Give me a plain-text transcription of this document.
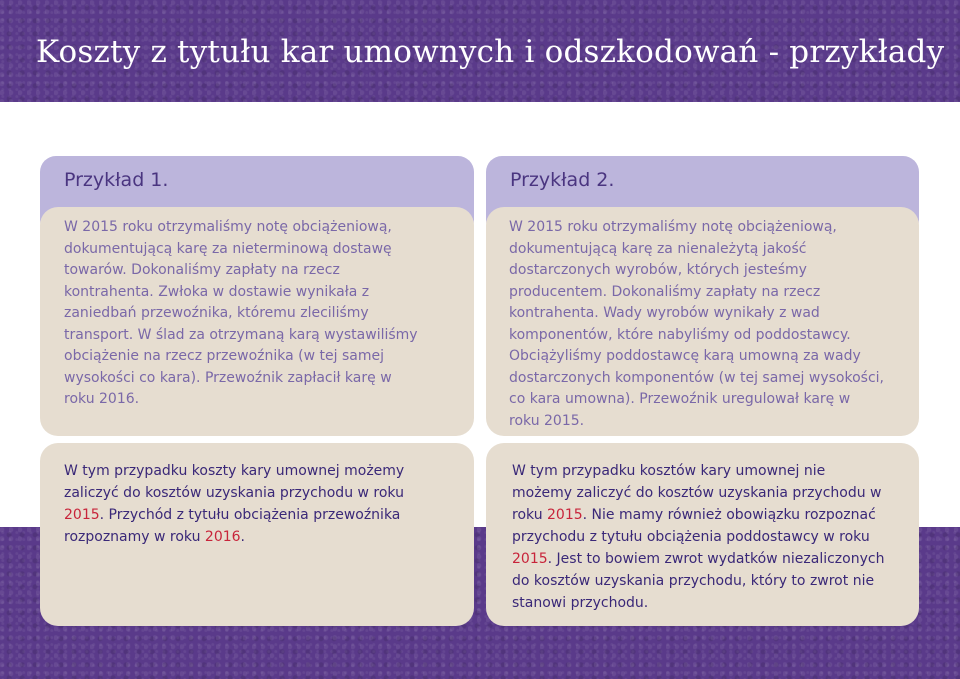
Koszty z tytułu kar umownych i odszkodowań - przykłady
Przykład 1.

W 2015 roku otrzymaliśmy notę obciążeniową, dokumentującą karę za nieterminową dostawę towarów. Dokonaliśmy zapłaty na rzecz kontrahenta. Zwłoka w dostawie wynikała z zaniedbań przewoźnika, któremu zleciliśmy transport. W ślad za otrzymaną karą wystawiliśmy obciążenie na rzecz przewoźnika (w tej samej wysokości co kara). Przewoźnik zapłacił karę w roku 2016.

Przykład 2.

W 2015 roku otrzymaliśmy notę obciążeniową, dokumentującą karę za nienależytą jakość dostarczonych wyrobów, których jesteśmy producentem. Dokonaliśmy zapłaty na rzecz kontrahenta. Wady wyrobów wynikały z wad komponentów, które nabyliśmy od poddostawcy. Obciążyliśmy poddostawcę karą umowną za wady dostarczonych komponentów (w tej samej wysokości, co kara umowna). Przewoźnik uregulował karę w roku 2015.

W tym przypadku koszty kary umownej możemy zaliczyć do kosztów uzyskania przychodu w roku 2015. Przychód z tytułu obciążenia przewoźnika rozpoznamy w roku 2016.

W tym przypadku kosztów kary umownej nie możemy zaliczyć do kosztów uzyskania przychodu w roku 2015. Nie mamy również obowiązku rozpoznać przychodu z tytułu obciążenia poddostawcy w roku 2015. Jest to bowiem zwrot wydatków niezaliczonych do kosztów uzyskania przychodu, który to zwrot nie stanowi przychodu.
